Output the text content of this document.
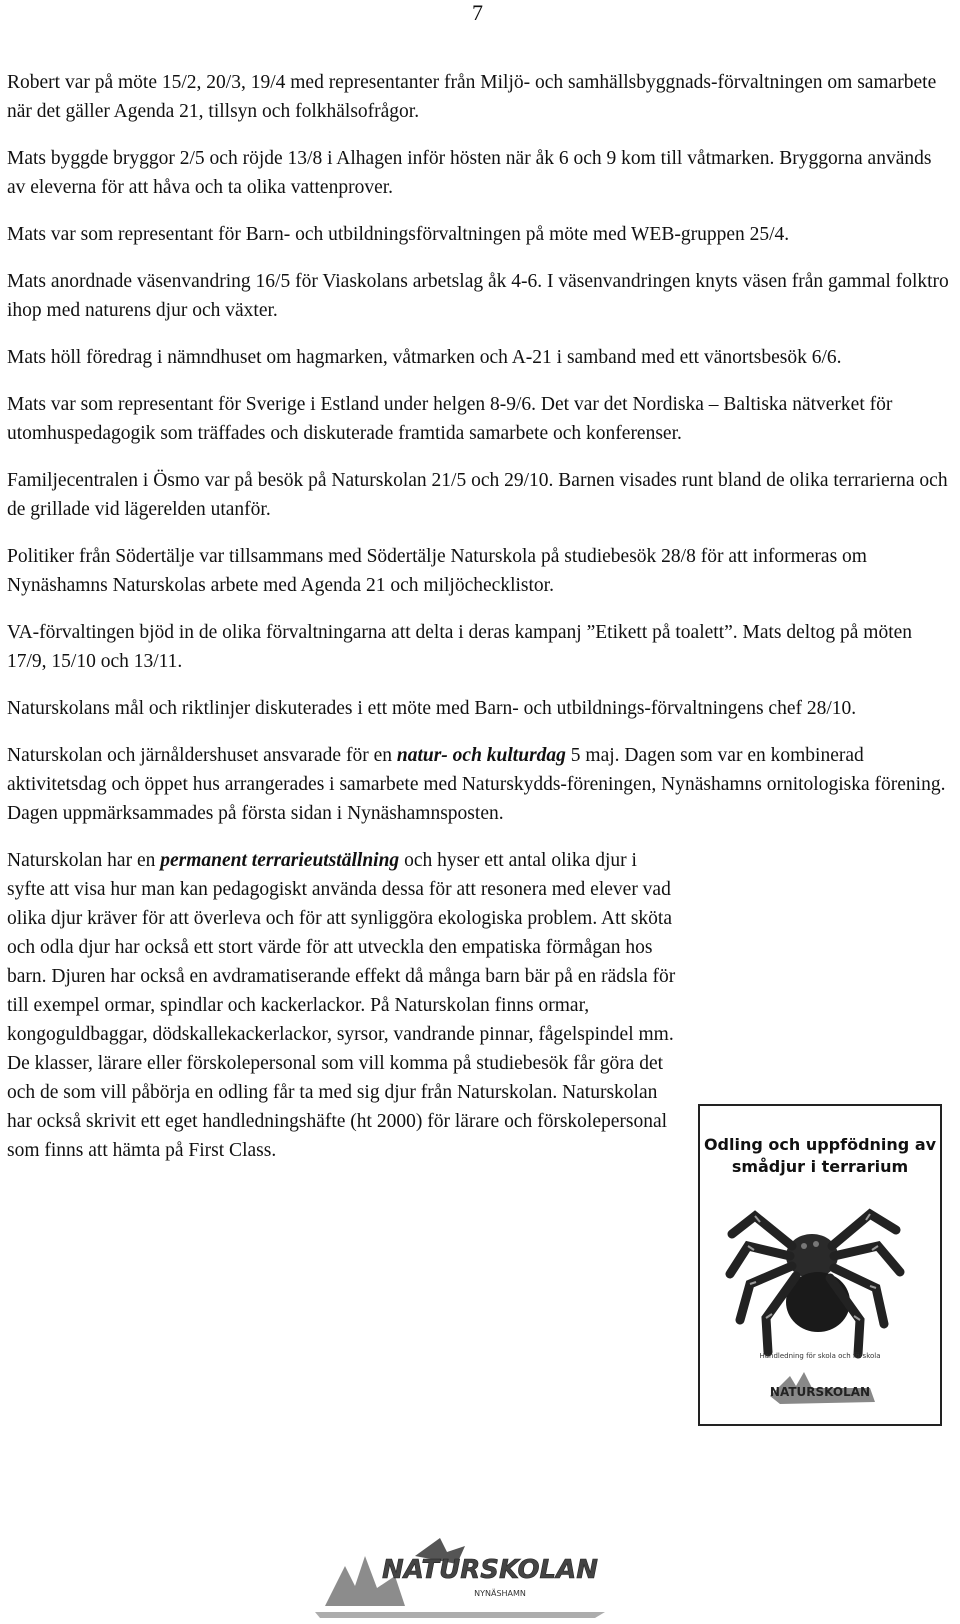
7

Robert var på möte 15/2, 20/3, 19/4 med representanter från Miljö- och samhällsbyggnads-förvaltningen om samarbete när det gäller Agenda 21, tillsyn och folkhälsofrågor.

Mats byggde bryggor 2/5 och röjde 13/8 i Alhagen inför hösten när åk 6 och 9 kom till våtmarken. Bryggorna används av eleverna för att håva och ta olika vattenprover.

Mats var som representant för Barn- och utbildningsförvaltningen på möte med WEB-gruppen 25/4.

Mats anordnade väsenvandring 16/5 för Viaskolans arbetslag åk 4-6. I väsenvandringen knyts väsen från gammal folktro ihop med naturens djur och växter.

Mats höll föredrag i nämndhuset om hagmarken, våtmarken och A-21 i samband med ett vänortsbesök 6/6.

Mats var som representant för Sverige i Estland under helgen 8-9/6. Det var det Nordiska – Baltiska nätverket för utomhuspedagogik som träffades och diskuterade framtida samarbete och konferenser.

Familjecentralen i Ösmo var på besök på Naturskolan 21/5 och 29/10. Barnen visades runt bland de olika terrarierna och de grillade vid lägerelden utanför.

Politiker från Södertälje var tillsammans med Södertälje Naturskola på studiebesök 28/8 för att informeras om Nynäshamns Naturskolas arbete med Agenda 21 och miljöchecklistor.

VA-förvaltingen bjöd in de olika förvaltningarna att delta i deras kampanj ”Etikett på toalett”. Mats deltog på möten 17/9, 15/10 och 13/11.

Naturskolans mål och riktlinjer diskuterades i ett möte med Barn- och utbildnings-förvaltningens chef 28/10.

Naturskolan och järnåldershuset ansvarade för en natur- och kulturdag 5 maj. Dagen som var en kombinerad aktivitetsdag och öppet hus arrangerades i samarbete med Naturskydds-föreningen, Nynäshamns ornitologiska förening. Dagen uppmärksammades på första sidan i Nynäshamnsposten.

Naturskolan har en permanent terrarieutställning och hyser ett antal olika djur i syfte att visa hur man kan pedagogiskt använda dessa för att resonera med elever vad olika djur kräver för att överleva och för att synliggöra ekologiska problem. Att sköta och odla djur har också ett stort värde för att utveckla den empatiska förmågan hos barn. Djuren har också en avdramatiserande effekt då många barn bär på en rädsla för till exempel ormar, spindlar och kackerlackor. På Naturskolan finns ormar, kongoguldbaggar, dödskallekackerlackor, syrsor, vandrande pinnar, fågelspindel mm. De klasser, lärare eller förskolepersonal som vill komma på studiebesök får göra det och de som vill påbörja en odling får ta med sig djur från Naturskolan. Naturskolan har också skrivit ett eget handledningshäfte (ht 2000) för lärare och förskolepersonal som finns att hämta på First Class.

NATURSKOLAN
Odling och uppfödning av
smådjur i terrarium
Handledning för skola och förskola
NATURSKOLAN
NYNÄSHAMN
